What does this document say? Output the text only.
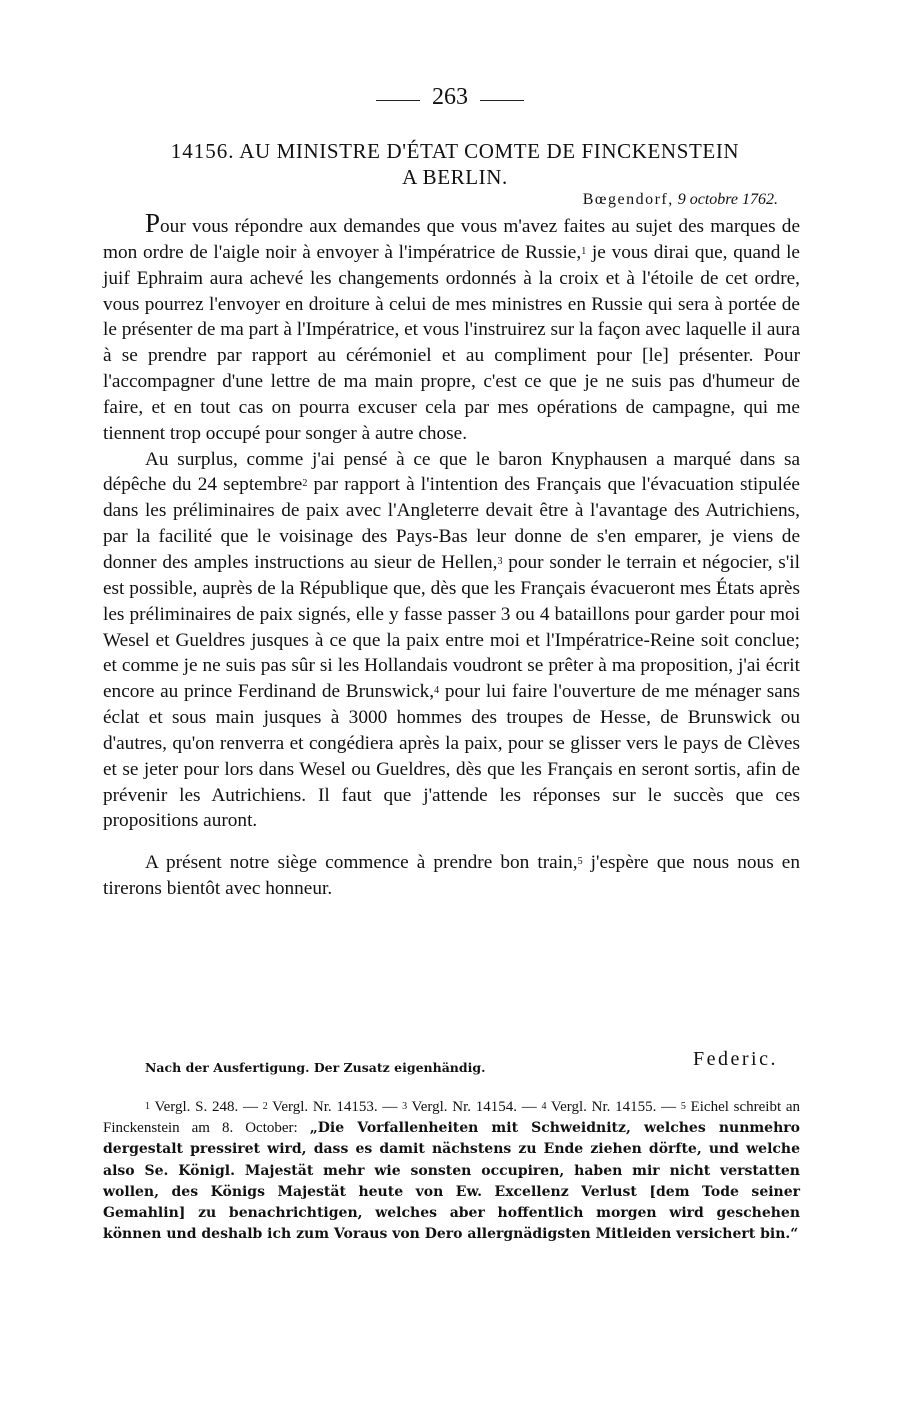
263
14156. AU MINISTRE D'ÉTAT COMTE DE FINCKENSTEIN
A BERLIN.
Bœgendorf, 9 octobre 1762.

Pour vous répondre aux demandes que vous m'avez faites au sujet des marques de mon ordre de l'aigle noir à envoyer à l'impératrice de Russie,$^1$ je vous dirai que, quand le juif Ephraim aura achevé les changements ordonnés à la croix et à l'étoile de cet ordre, vous pourrez l'envoyer en droiture à celui de mes ministres en Russie qui sera à portée de le présenter de ma part à l'Impératrice, et vous l'instruirez sur la façon avec laquelle il aura à se prendre par rapport au cérémoniel et au compliment pour [le] présenter. Pour l'accompagner d'une lettre de ma main propre, c'est ce que je ne suis pas d'humeur de faire, et en tout cas on pourra excuser cela par mes opérations de campagne, qui me tiennent trop occupé pour songer à autre chose.

Au surplus, comme j'ai pensé à ce que le baron Knyphausen a marqué dans sa dépêche du 24 septembre$^2$ par rapport à l'intention des Français que l'évacuation stipulée dans les préliminaires de paix avec l'Angleterre devait être à l'avantage des Autrichiens, par la facilité que le voisinage des Pays-Bas leur donne de s'en emparer, je viens de donner des amples instructions au sieur de Hellen,$^3$ pour sonder le terrain et négocier, s'il est possible, auprès de la République que, dès que les Français évacueront mes États après les préliminaires de paix signés, elle y fasse passer 3 ou 4 bataillons pour garder pour moi Wesel et Gueldres jusques à ce que la paix entre moi et l'Impératrice-Reine soit conclue; et comme je ne suis pas sûr si les Hollandais voudront se prêter à ma proposition, j'ai écrit encore au prince Ferdinand de Brunswick,$^4$ pour lui faire l'ouverture de me ménager sans éclat et sous main jusques à 3000 hommes des troupes de Hesse, de Brunswick ou d'autres, qu'on renverra et congédiera après la paix, pour se glisser vers le pays de Clèves et se jeter pour lors dans Wesel ou Gueldres, dès que les Français en seront sortis, afin de prévenir les Autrichiens. Il faut que j'attende les réponses sur le succès que ces propositions auront.

A présent notre siège commence à prendre bon train,$^5$ j'espère que nous nous en tirerons bientôt avec honneur.

Nach der Ausfertigung. Der Zusatz eigenhändig.	Federic.

$^1$ Vergl. S. 248. — $^2$ Vergl. Nr. 14153. — $^3$ Vergl. Nr. 14154. — $^4$ Vergl. Nr. 14155. — $^5$ Eichel schreibt an Finckenstein am 8. October: „Die Vorfallenheiten mit Schweidnitz, welches nunmehro dergestalt pressiret wird, dass es damit nächstens zu Ende ziehen dörfte, und welche also Se. Königl. Majestät mehr wie sonsten occupiren, haben mir nicht verstatten wollen, des Königs Majestät heute von Ew. Excellenz Verlust [dem Tode seiner Gemahlin] zu benachrichtigen, welches aber hoffentlich morgen wird geschehen können und deshalb ich zum Voraus von Dero allergnädigsten Mitleiden versichert bin.“
